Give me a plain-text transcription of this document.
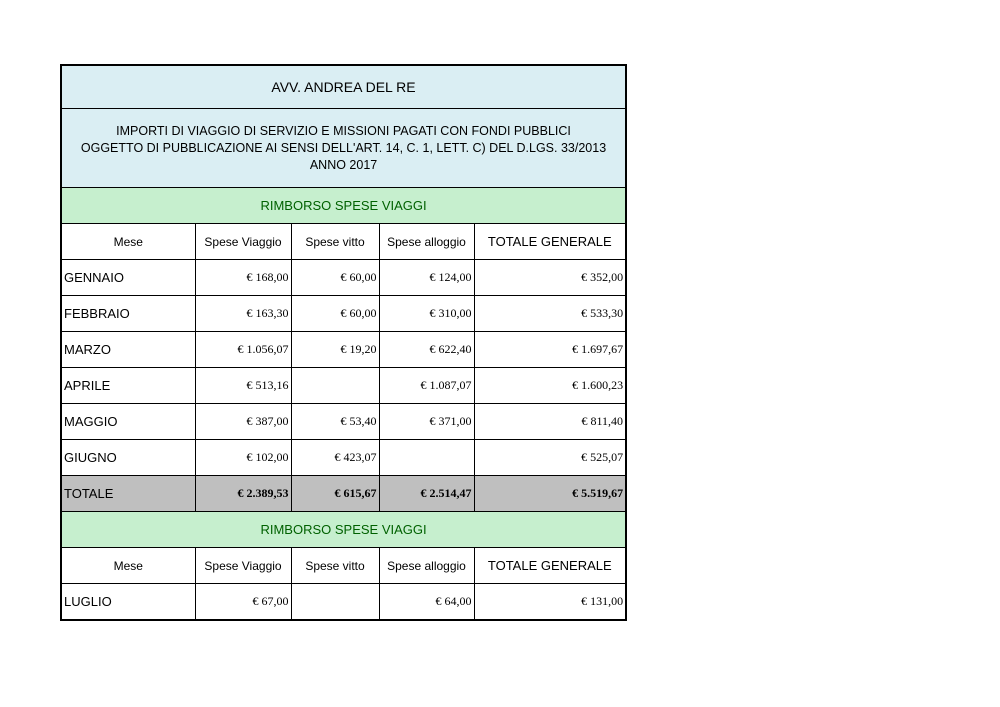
AVV. ANDREA DEL RE				

IMPORTI DI VIAGGIO DI SERVIZIO E MISSIONI PAGATI CON FONDI PUBBLICI
OGGETTO DI PUBBLICAZIONE AI SENSI DELL'ART. 14, C. 1, LETT. C) DEL D.LGS. 33/2013
ANNO 2017				

RIMBORSO SPESE VIAGGI				
Mese	Spese Viaggio	Spese vitto	Spese alloggio	TOTALE GENERALE
GENNAIO	€ 168,00	€ 60,00	€ 124,00	€ 352,00
FEBBRAIO	€ 163,30	€ 60,00	€ 310,00	€ 533,30
MARZO	€ 1.056,07	€ 19,20	€ 622,40	€ 1.697,67
APRILE	€ 513,16		€ 1.087,07	€ 1.600,23
MAGGIO	€ 387,00	€ 53,40	€ 371,00	€ 811,40
GIUGNO	€ 102,00	€ 423,07		€ 525,07
TOTALE	€ 2.389,53	€ 615,67	€ 2.514,47	€ 5.519,67
RIMBORSO SPESE VIAGGI				
Mese	Spese Viaggio	Spese vitto	Spese alloggio	TOTALE GENERALE
LUGLIO	€ 67,00		€ 64,00	€ 131,00
